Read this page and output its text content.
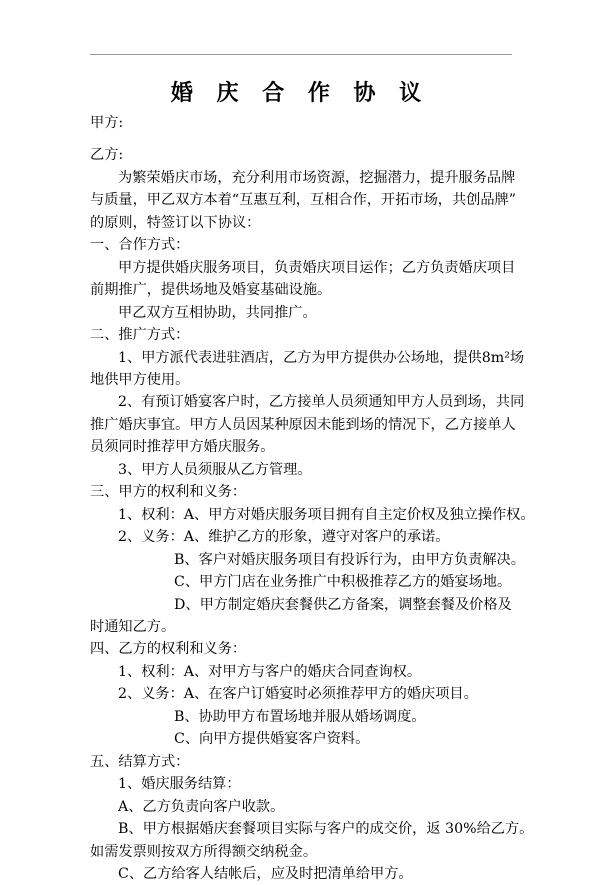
婚 庆 合 作 协 议
甲方:
乙方:
为繁荣婚庆市场，充分利用市场资源，挖掘潜力，提升服务品牌
与质量，甲乙双方本着“互惠互利，互相合作，开拓市场，共创品牌”
的原则，特签订以下协议：
一、合作方式：
甲方提供婚庆服务项目，负责婚庆项目运作；乙方负责婚庆项目
前期推广，提供场地及婚宴基础设施。
甲乙双方互相协助，共同推广。
二、推广方式：
1、甲方派代表进驻酒店，乙方为甲方提供办公场地，提供8m²场
地供甲方使用。
2、有预订婚宴客户时，乙方接单人员须通知甲方人员到场，共同
推广婚庆事宜。甲方人员因某种原因未能到场的情况下，乙方接单人
员须同时推荐甲方婚庆服务。
3、甲方人员须服从乙方管理。
三、甲方的权利和义务：
1、权利：A、甲方对婚庆服务项目拥有自主定价权及独立操作权。
2、义务：A、维护乙方的形象，遵守对客户的承诺。
B、客户对婚庆服务项目有投诉行为，由甲方负责解决。
C、甲方门店在业务推广中积极推荐乙方的婚宴场地。
D、甲方制定婚庆套餐供乙方备案，调整套餐及价格及
时通知乙方。
四、乙方的权利和义务：
1、权利：A、对甲方与客户的婚庆合同查询权。
2、义务：A、在客户订婚宴时必须推荐甲方的婚庆项目。
B、协助甲方布置场地并服从婚场调度。
C、向甲方提供婚宴客户资料。
五、结算方式：
1、婚庆服务结算：
A、乙方负责向客户收款。
B、甲方根据婚庆套餐项目实际与客户的成交价，返 30%给乙方。
如需发票则按双方所得额交纳税金。
C、乙方给客人结帐后，应及时把清单给甲方。
